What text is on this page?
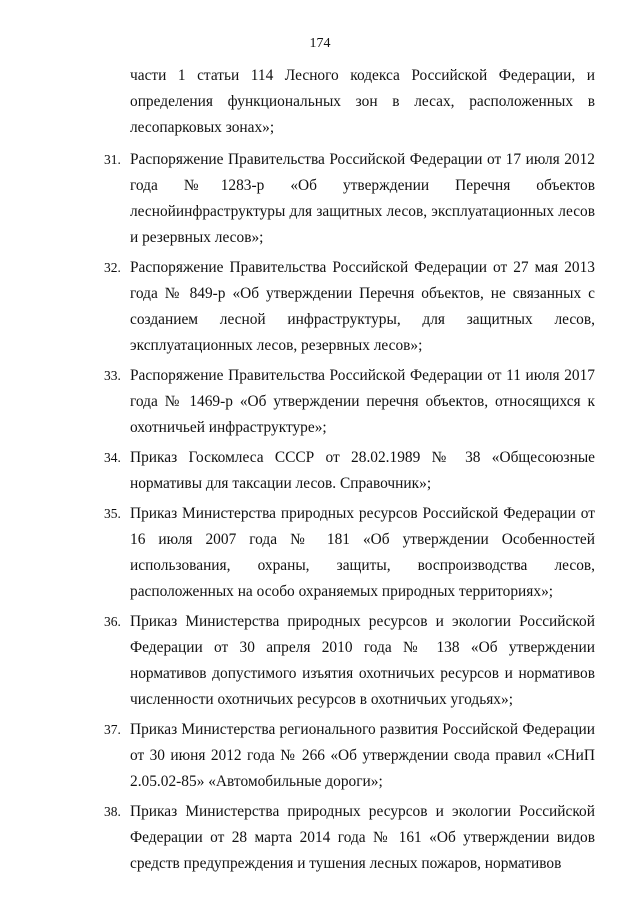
174

части 1 статьи 114 Лесного кодекса Российской Федерации, и определения функциональных зон в лесах, расположенных в лесопарковых зонах»;

31. Распоряжение Правительства Российской Федерации от 17 июля 2012 года №1283-р «Об утверждении Перечня объектов леснойинфраструктуры для защитных лесов, эксплуатационных лесов и резервных лесов»;

32. Распоряжение Правительства Российской Федерации от 27 мая 2013 года № 849-р «Об утверждении Перечня объектов, не связанных с созданием лесной инфраструктуры, для защитных лесов, эксплуатационных лесов, резервных лесов»;

33. Распоряжение Правительства Российской Федерации от 11 июля 2017 года № 1469-р «Об утверждении перечня объектов, относящихся к охотничьей инфраструктуре»;

34. Приказ Госкомлеса СССР от 28.02.1989 № 38 «Общесоюзные нормативы для таксации лесов. Справочник»;

35. Приказ Министерства природных ресурсов Российской Федерации от 16 июля 2007 года № 181 «Об утверждении Особенностей использования, охраны, защиты, воспроизводства лесов, расположенных на особо охраняемых природных территориях»;

36. Приказ Министерства природных ресурсов и экологии Российской Федерации от 30 апреля 2010 года № 138 «Об утверждении нормативов допустимого изъятия охотничьих ресурсов и нормативов численности охотничьих ресурсов в охотничьих угодьях»;

37. Приказ Министерства регионального развития Российской Федерации от 30 июня 2012 года № 266 «Об утверждении свода правил «СНиП 2.05.02-85» «Автомобильные дороги»;

38. Приказ Министерства природных ресурсов и экологии Российской Федерации от 28 марта 2014 года № 161 «Об утверждении видов средств предупреждения и тушения лесных пожаров, нормативов
